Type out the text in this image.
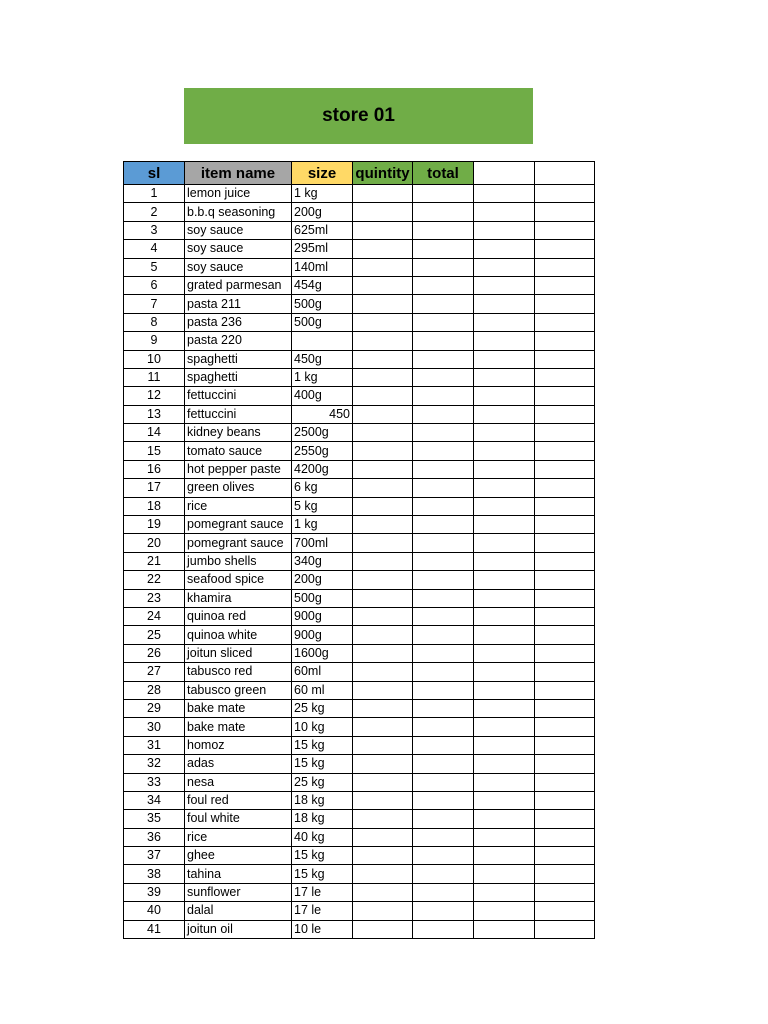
store 01
sl	item name	size	quintity	total		
1	lemon juice	1 kg				
2	b.b.q seasoning	200g				
3	soy sauce	625ml				
4	soy sauce	295ml				
5	soy sauce	140ml				
6	grated parmesan	454g				
7	pasta 211	500g				
8	pasta 236	500g				
9	pasta 220					
10	spaghetti	450g				
11	spaghetti	1 kg				
12	fettuccini	400g				
13	fettuccini	450				
14	kidney beans	2500g				
15	tomato sauce	2550g				
16	hot pepper paste	4200g				
17	green olives	6 kg				
18	rice	5 kg				
19	pomegrant sauce	1 kg				
20	pomegrant sauce	700ml				
21	jumbo shells	340g				
22	seafood spice	200g				
23	khamira	500g				
24	quinoa red	900g				
25	quinoa white	900g				
26	joitun sliced	1600g				
27	tabusco red	60ml				
28	tabusco green	60 ml				
29	bake mate	25 kg				
30	bake mate	10 kg				
31	homoz	15 kg				
32	adas	15 kg				
33	nesa	25 kg				
34	foul red	18 kg				
35	foul white	18 kg				
36	rice	40 kg				
37	ghee	15 kg				
38	tahina	15 kg				
39	sunflower	17 le				
40	dalal	17 le				
41	joitun oil	10 le				
